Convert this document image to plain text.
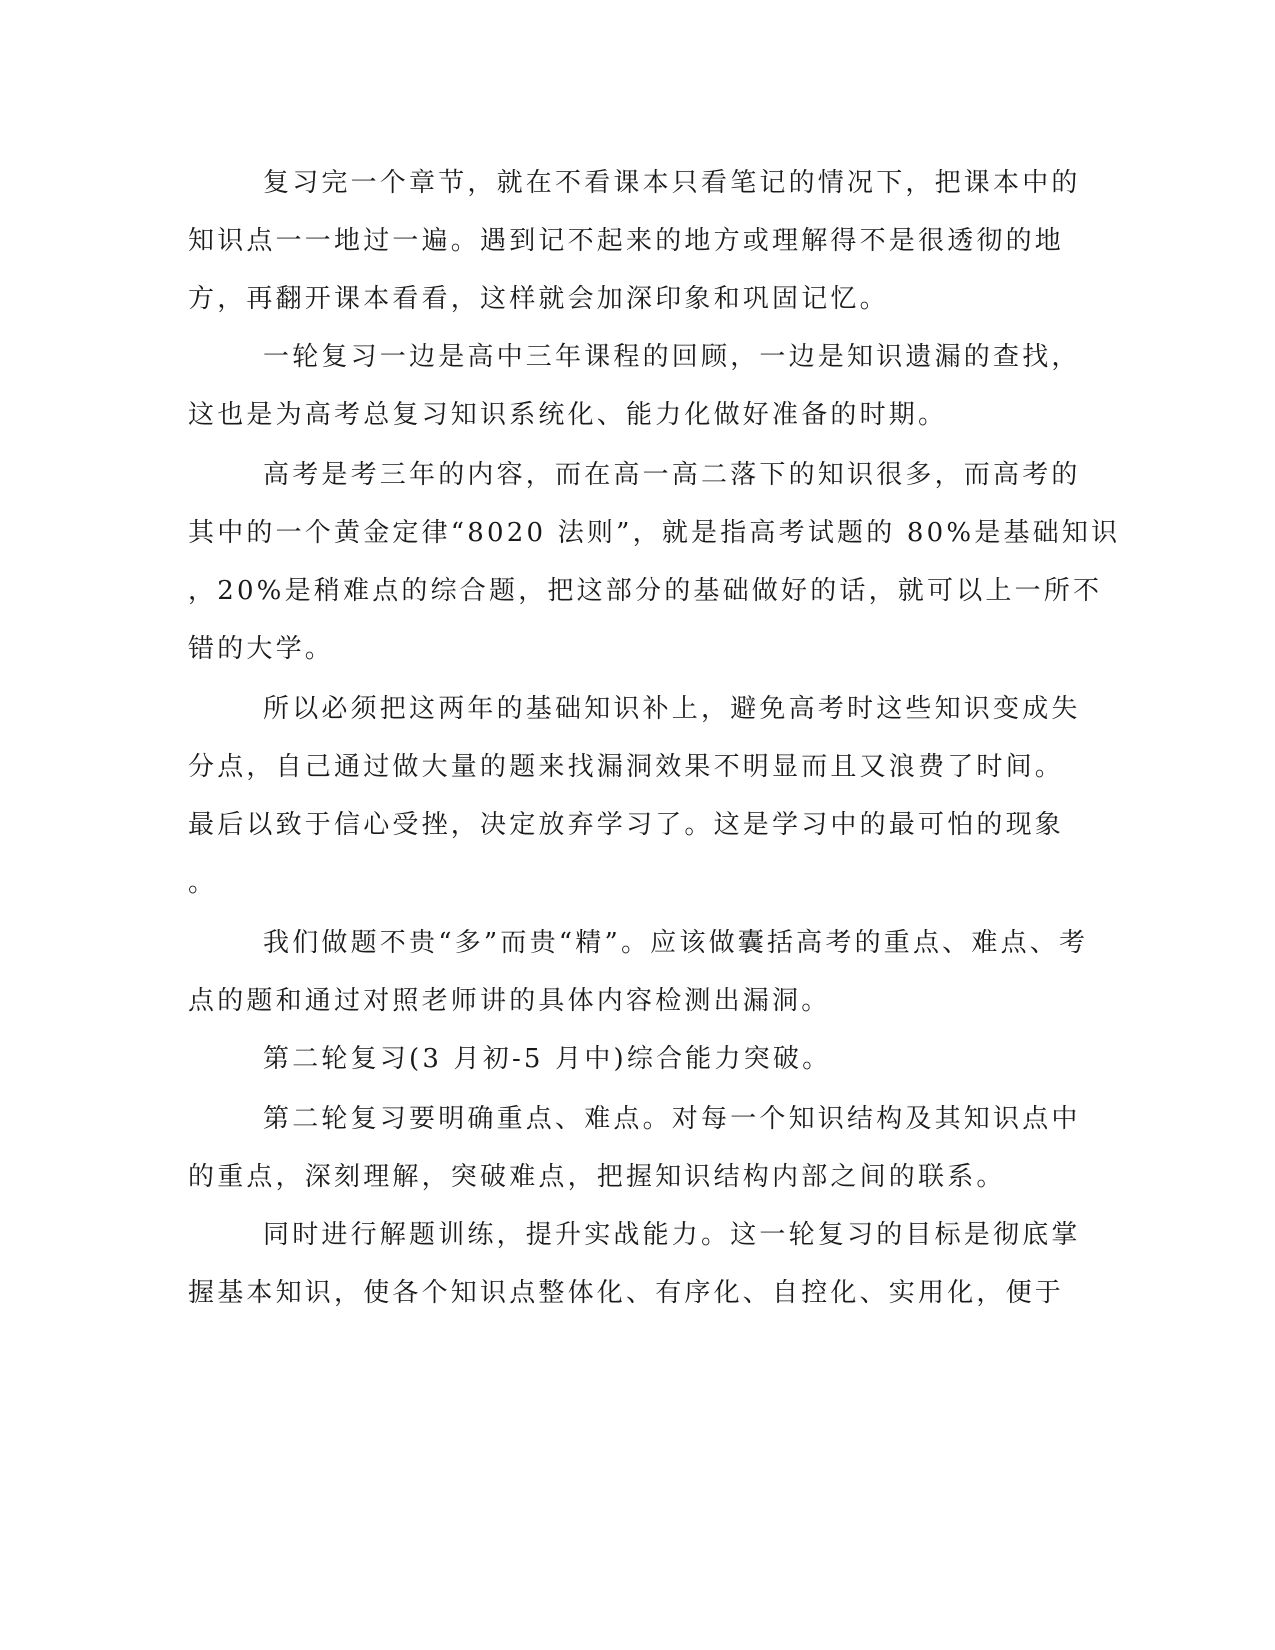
复习完一个章节，就在不看课本只看笔记的情况下，把课本中的
知识点一一地过一遍。遇到记不起来的地方或理解得不是很透彻的地
方，再翻开课本看看，这样就会加深印象和巩固记忆。
一轮复习一边是高中三年课程的回顾，一边是知识遗漏的查找，
这也是为高考总复习知识系统化、能力化做好准备的时期。
高考是考三年的内容，而在高一高二落下的知识很多，而高考的
其中的一个黄金定律“8020 法则”，就是指高考试题的 80%是基础知识
，20%是稍难点的综合题，把这部分的基础做好的话，就可以上一所不
错的大学。
所以必须把这两年的基础知识补上，避免高考时这些知识变成失
分点，自己通过做大量的题来找漏洞效果不明显而且又浪费了时间。
最后以致于信心受挫，决定放弃学习了。这是学习中的最可怕的现象
。
我们做题不贵“多”而贵“精”。应该做囊括高考的重点、难点、考
点的题和通过对照老师讲的具体内容检测出漏洞。
第二轮复习(3 月初-5 月中)综合能力突破。
第二轮复习要明确重点、难点。对每一个知识结构及其知识点中
的重点，深刻理解，突破难点，把握知识结构内部之间的联系。
同时进行解题训练，提升实战能力。这一轮复习的目标是彻底掌
握基本知识，使各个知识点整体化、有序化、自控化、实用化，便于
